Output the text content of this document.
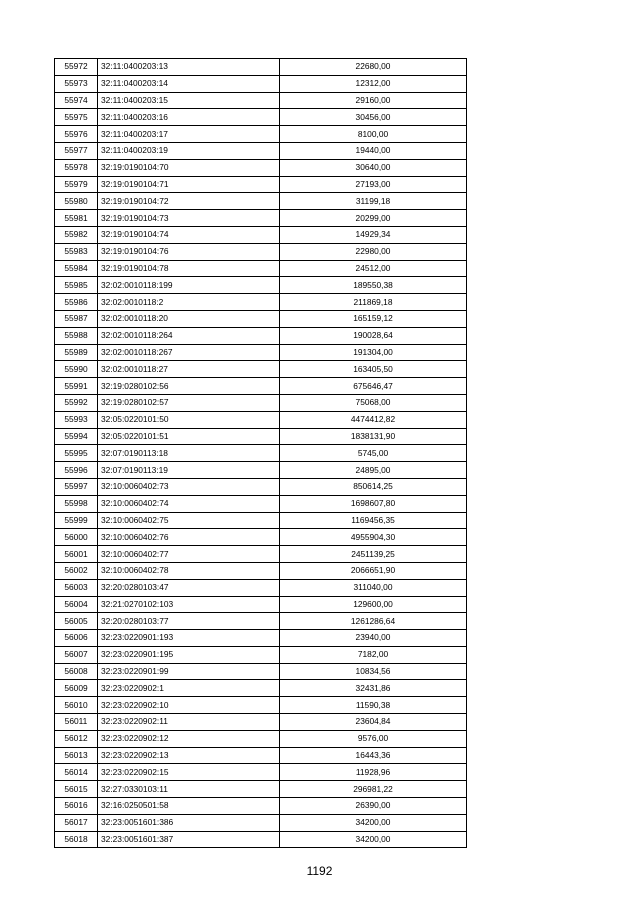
55972	32:11:0400203:13	22680,00
55973	32:11:0400203:14	12312,00
55974	32:11:0400203:15	29160,00
55975	32:11:0400203:16	30456,00
55976	32:11:0400203:17	8100,00
55977	32:11:0400203:19	19440,00
55978	32:19:0190104:70	30640,00
55979	32:19:0190104:71	27193,00
55980	32:19:0190104:72	31199,18
55981	32:19:0190104:73	20299,00
55982	32:19:0190104:74	14929,34
55983	32:19:0190104:76	22980,00
55984	32:19:0190104:78	24512,00
55985	32:02:0010118:199	189550,38
55986	32:02:0010118:2	211869,18
55987	32:02:0010118:20	165159,12
55988	32:02:0010118:264	190028,64
55989	32:02:0010118:267	191304,00
55990	32:02:0010118:27	163405,50
55991	32:19:0280102:56	675646,47
55992	32:19:0280102:57	75068,00
55993	32:05:0220101:50	4474412,82
55994	32:05:0220101:51	1838131,90
55995	32:07:0190113:18	5745,00
55996	32:07:0190113:19	24895,00
55997	32:10:0060402:73	850614,25
55998	32:10:0060402:74	1698607,80
55999	32:10:0060402:75	1169456,35
56000	32:10:0060402:76	4955904,30
56001	32:10:0060402:77	2451139,25
56002	32:10:0060402:78	2066651,90
56003	32:20:0280103:47	311040,00
56004	32:21:0270102:103	129600,00
56005	32:20:0280103:77	1261286,64
56006	32:23:0220901:193	23940,00
56007	32:23:0220901:195	7182,00
56008	32:23:0220901:99	10834,56
56009	32:23:0220902:1	32431,86
56010	32:23:0220902:10	11590,38
56011	32:23:0220902:11	23604,84
56012	32:23:0220902:12	9576,00
56013	32:23:0220902:13	16443,36
56014	32:23:0220902:15	11928,96
56015	32:27:0330103:11	296981,22
56016	32:16:0250501:58	26390,00
56017	32:23:0051601:386	34200,00
56018	32:23:0051601:387	34200,00
1192
